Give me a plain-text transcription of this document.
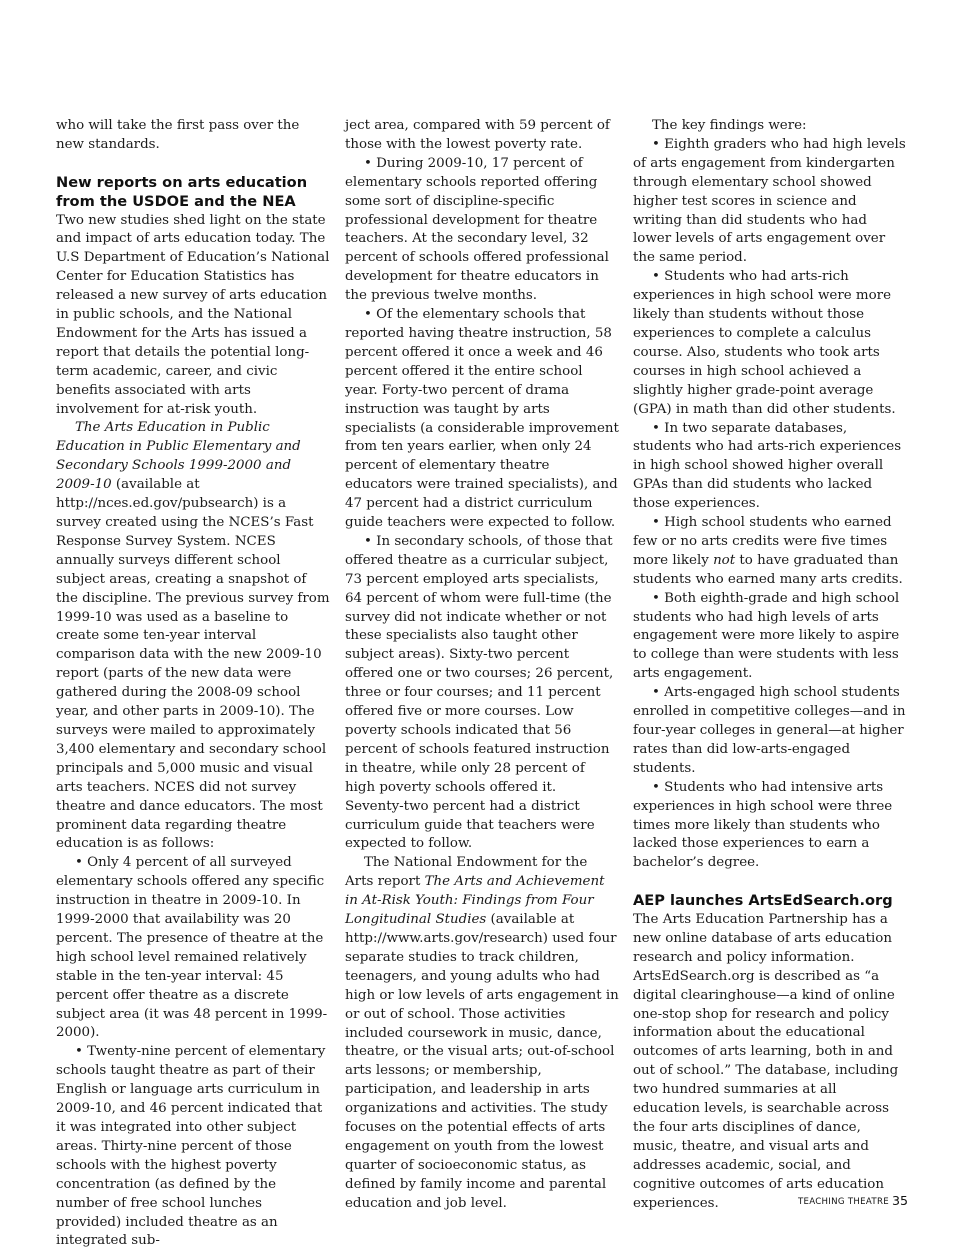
who will take the first pass over the new standards.

New reports on arts education from the USDOE and the NEA

Two new studies shed light on the state and impact of arts education today. The U.S Department of Education’s National Center for Education Statistics has released a new survey of arts education in public schools, and the National Endowment for the Arts has issued a report that details the potential long-term academic, career, and civic benefits associated with arts involvement for at-risk youth.

The Arts Education in Public Education in Public Elementary and Secondary Schools 1999-2000 and 2009-10 (available at http://nces.ed.gov/pubsearch) is a survey created using the NCES’s Fast Response Survey System. NCES annually surveys different school subject areas, creating a snapshot of the discipline. The previous survey from 1999-10 was used as a baseline to create some ten-year interval comparison data with the new 2009-10 report (parts of the new data were gathered during the 2008-09 school year, and other parts in 2009-10). The surveys were mailed to approximately 3,400 elementary and secondary school principals and 5,000 music and visual arts teachers. NCES did not survey theatre and dance educators. The most prominent data regarding theatre education is as follows:

• Only 4 percent of all surveyed elementary schools offered any specific instruction in theatre in 2009-10. In 1999-2000 that availability was 20 percent. The presence of theatre at the high school level remained relatively stable in the ten-year interval: 45 percent offer theatre as a discrete subject area (it was 48 percent in 1999-2000).

• Twenty-nine percent of elementary schools taught theatre as part of their English or language arts curriculum in 2009-10, and 46 percent indicated that it was integrated into other subject areas. Thirty-nine percent of those schools with the highest poverty concentration (as defined by the number of free school lunches provided) included theatre as an integrated sub-

ject area, compared with 59 percent of those with the lowest poverty rate.

• During 2009-10, 17 percent of elementary schools reported offering some sort of discipline-specific professional development for theatre teachers. At the secondary level, 32 percent of schools offered professional development for theatre educators in the previous twelve months.

• Of the elementary schools that reported having theatre instruction, 58 percent offered it once a week and 46 percent offered it the entire school year. Forty-two percent of drama instruction was taught by arts specialists (a considerable improvement from ten years earlier, when only 24 percent of elementary theatre educators were trained specialists), and 47 percent had a district curriculum guide teachers were expected to follow.

• In secondary schools, of those that offered theatre as a curricular subject, 73 percent employed arts specialists, 64 percent of whom were full-time (the survey did not indicate whether or not these specialists also taught other subject areas). Sixty-two percent offered one or two courses; 26 percent, three or four courses; and 11 percent offered five or more courses. Low poverty schools indicated that 56 percent of schools featured instruction in theatre, while only 28 percent of high poverty schools offered it. Seventy-two percent had a district curriculum guide that teachers were expected to follow.

The National Endowment for the Arts report The Arts and Achievement in At-Risk Youth: Findings from Four Longitudinal Studies (available at http://www.arts.gov/research) used four separate studies to track children, teenagers, and young adults who had high or low levels of arts engagement in or out of school. Those activities included coursework in music, dance, theatre, or the visual arts; out-of-school arts lessons; or membership, participation, and leadership in arts organizations and activities. The study focuses on the potential effects of arts engagement on youth from the lowest quarter of socioeconomic status, as defined by family income and parental education and job level.

The key findings were:

• Eighth graders who had high levels of arts engagement from kindergarten through elementary school showed higher test scores in science and writing than did students who had lower levels of arts engagement over the same period.

• Students who had arts-rich experiences in high school were more likely than students without those experiences to complete a calculus course. Also, students who took arts courses in high school achieved a slightly higher grade-point average (GPA) in math than did other students.

• In two separate databases, students who had arts-rich experiences in high school showed higher overall GPAs than did students who lacked those experiences.

• High school students who earned few or no arts credits were five times more likely not to have graduated than students who earned many arts credits.

• Both eighth-grade and high school students who had high levels of arts engagement were more likely to aspire to college than were students with less arts engagement.

• Arts-engaged high school students enrolled in competitive colleges—and in four-year colleges in general—at higher rates than did low-arts-engaged students.

• Students who had intensive arts experiences in high school were three times more likely than students who lacked those experiences to earn a bachelor’s degree.

AEP launches ArtsEdSearch.org

The Arts Education Partnership has a new online database of arts education research and policy information. ArtsEdSearch.org is described as “a digital clearinghouse—a kind of online one-stop shop for research and policy information about the educational outcomes of arts learning, both in and out of school.” The database, including two hundred summaries at all education levels, is searchable across the four arts disciplines of dance, music, theatre, and visual arts and addresses academic, social, and cognitive outcomes of arts education experiences.	TEACHING THEATRE 35
